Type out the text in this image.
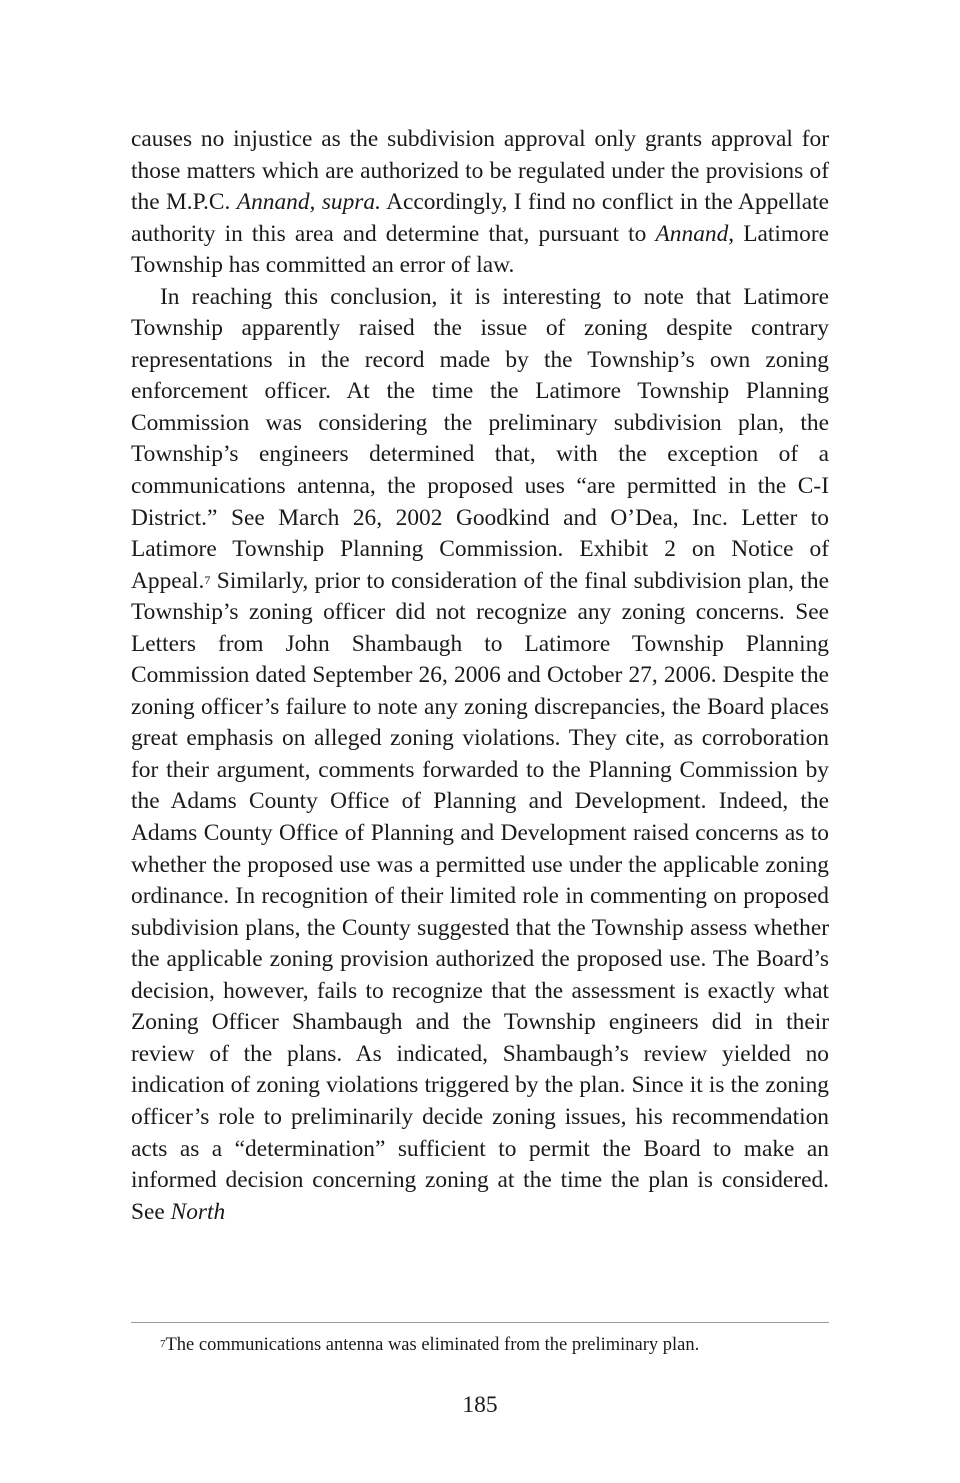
causes no injustice as the subdivision approval only grants approval for those matters which are authorized to be regulated under the provisions of the M.P.C. Annand, supra. Accordingly, I find no conflict in the Appellate authority in this area and determine that, pursuant to Annand, Latimore Township has committed an error of law.

In reaching this conclusion, it is interesting to note that Latimore Township apparently raised the issue of zoning despite contrary representations in the record made by the Township’s own zoning enforcement officer. At the time the Latimore Township Planning Commission was considering the preliminary subdivision plan, the Township’s engineers determined that, with the exception of a communications antenna, the proposed uses “are permitted in the C-I District.” See March 26, 2002 Goodkind and O’Dea, Inc. Letter to Latimore Township Planning Commission. Exhibit 2 on Notice of Appeal.$^7$ Similarly, prior to consideration of the final subdivision plan, the Township’s zoning officer did not recognize any zoning concerns. See Letters from John Shambaugh to Latimore Township Planning Commission dated September 26, 2006 and October 27, 2006. Despite the zoning officer’s failure to note any zoning discrepancies, the Board places great emphasis on alleged zoning violations. They cite, as corroboration for their argument, comments forwarded to the Planning Commission by the Adams County Office of Planning and Development. Indeed, the Adams County Office of Planning and Development raised concerns as to whether the proposed use was a permitted use under the applicable zoning ordinance. In recognition of their limited role in commenting on proposed subdivision plans, the County suggested that the Township assess whether the applicable zoning provision authorized the proposed use. The Board’s decision, however, fails to recognize that the assessment is exactly what Zoning Officer Shambaugh and the Township engineers did in their review of the plans. As indicated, Shambaugh’s review yielded no indication of zoning violations triggered by the plan. Since it is the zoning officer’s role to preliminarily decide zoning issues, his recommendation acts as a “determination” sufficient to permit the Board to make an informed decision concerning zoning at the time the plan is considered. See North

$^7$The communications antenna was eliminated from the preliminary plan.
185
